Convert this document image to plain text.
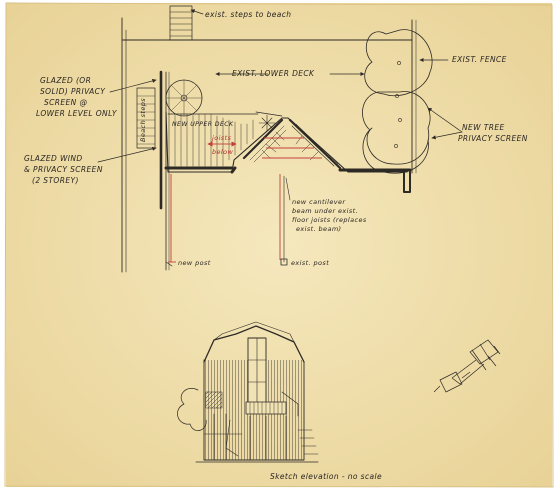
exist. steps to beach
EXIST. LOWER DECK
EXIST. FENCE
GLAZED (OR
SOLID) PRIVACY
SCREEN @
LOWER LEVEL ONLY
GLAZED WIND
& PRIVACY SCREEN
(2 STOREY)
NEW UPPER DECK
joists
below
Beach steps	NEW TREE
PRIVACY SCREEN
new cantilever
beam under exist.
floor joists (replaces
exist. beam)
new post	exist. post
Sketch elevation - no scale
